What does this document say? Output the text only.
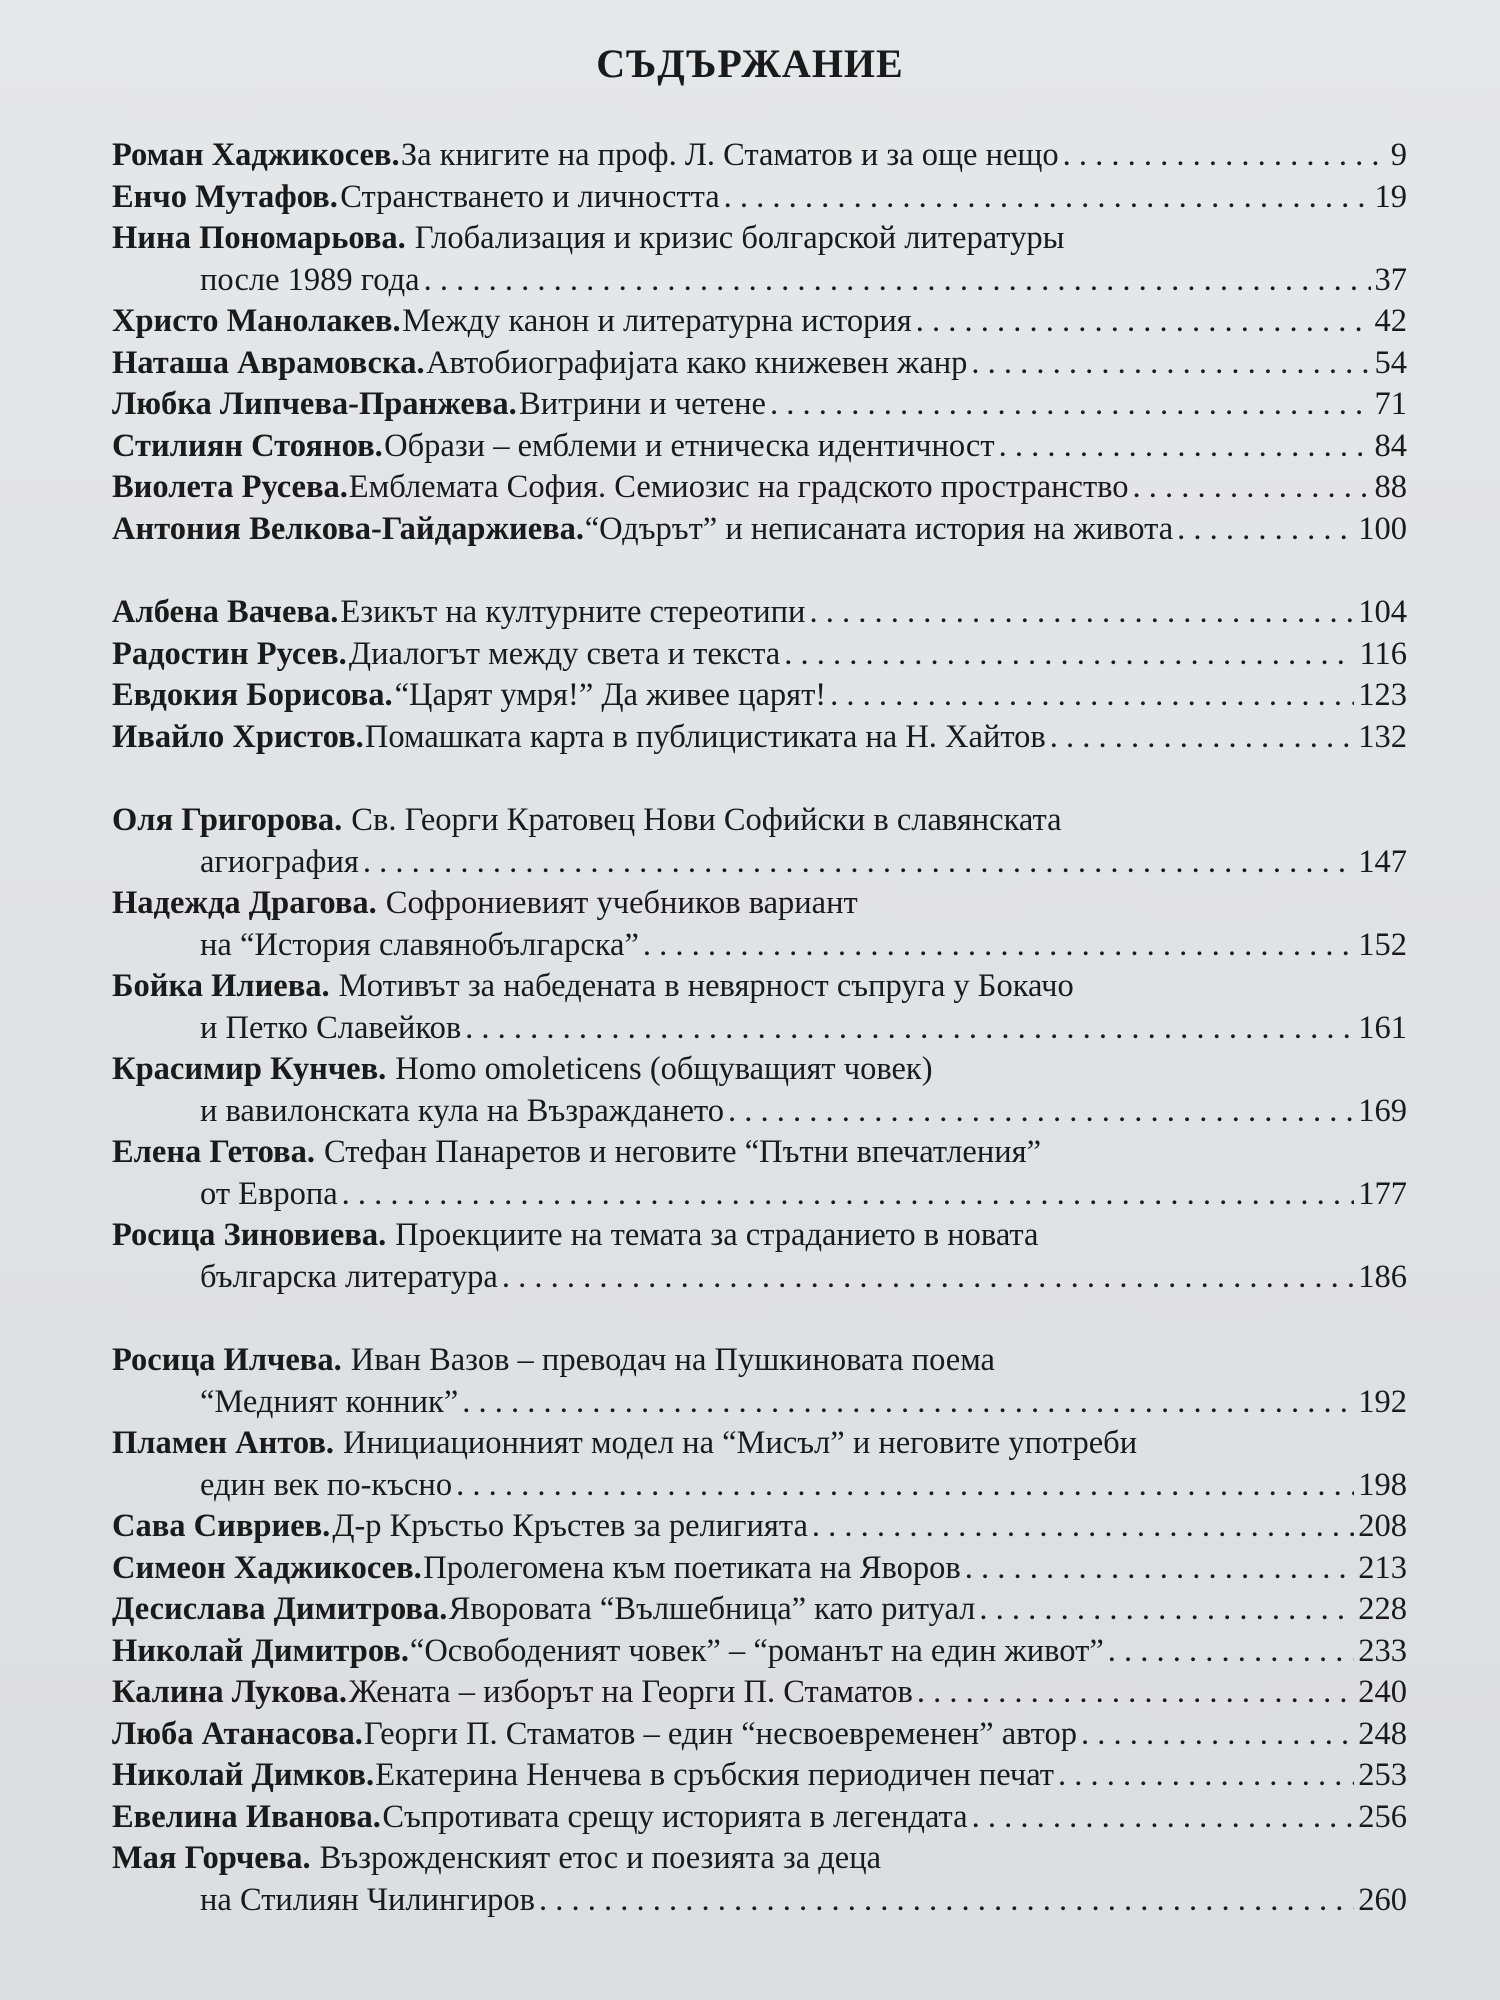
СЪДЪРЖАНИЕ
Роман Хаджикосев. За книгите на проф. Л. Стаматов и за още нещо . . .	9
Енчо Мутафов. Странстването и личността . . .	19
Нина Пономарьова. Глобализация и кризис болгарской литературы
после 1989 года . . .	37
Христо Манолакев. Между канон и литературна история . . .	42
Наташа Аврамовска. Автобиографијата како книжевен жанр . . .	54
Любка Липчева-Пранжева. Витрини и четене . . .	71
Стилиян Стоянов. Образи – емблеми и етническа идентичност . . .	84
Виолета Русева. Емблемата София. Семиозис на градското пространство . . .	88
Антония Велкова-Гайдаржиева. “Одърът” и неписаната история на живота . . .	100
Албена Вачева. Езикът на културните стереотипи . . .	104
Радостин Русев. Диалогът между света и текста . . .	116
Евдокия Борисова. “Царят умря!” Да живее царят! . . .	123
Ивайло Христов. Помашката карта в публицистиката на Н. Хайтов . . .	132
Оля Григорова. Св. Георги Кратовец Нови Софийски в славянската
агиография . . .	147
Надежда Драгова. Софрониевият учебников вариант
на “История славянобългарска” . . .	152
Бойка Илиева. Мотивът за набедената в невярност съпруга у Бокачо
и Петко Славейков . . .	161
Красимир Кунчев. Homo omoleticens (общуващият човек)
и вавилонската кула на Възраждането . . .	169
Елена Гетова. Стефан Панаретов и неговите “Пътни впечатления”
от Европа . . .	177
Росица Зиновиева. Проекциите на темата за страданието в новата
българска литература . . .	186
Росица Илчева. Иван Вазов – преводач на Пушкиновата поема
“Медният конник” . . .	192
Пламен Антов. Инициационният модел на “Мисъл” и неговите употреби
един век по-късно . . .	198
Сава Сивриев. Д-р Кръстьо Кръстев за религията . . .	208
Симеон Хаджикосев. Пролегомена към поетиката на Яворов . . .	213
Десислава Димитрова. Яворовата “Вълшебница” като ритуал . . .	228
Николай Димитров. “Освободеният човек” – “романът на един живот” . . .	233
Калина Лукова. Жената – изборът на Георги П. Стаматов . . .	240
Люба Атанасова. Георги П. Стаматов – един “несвоевременен” автор . . .	248
Николай Димков. Екатерина Ненчева в сръбския периодичен печат . . .	253
Евелина Иванова. Съпротивата срещу историята в легендата . . .	256
Мая Горчева. Възрожденският етос и поезията за деца
на Стилиян Чилингиров . . .	260
